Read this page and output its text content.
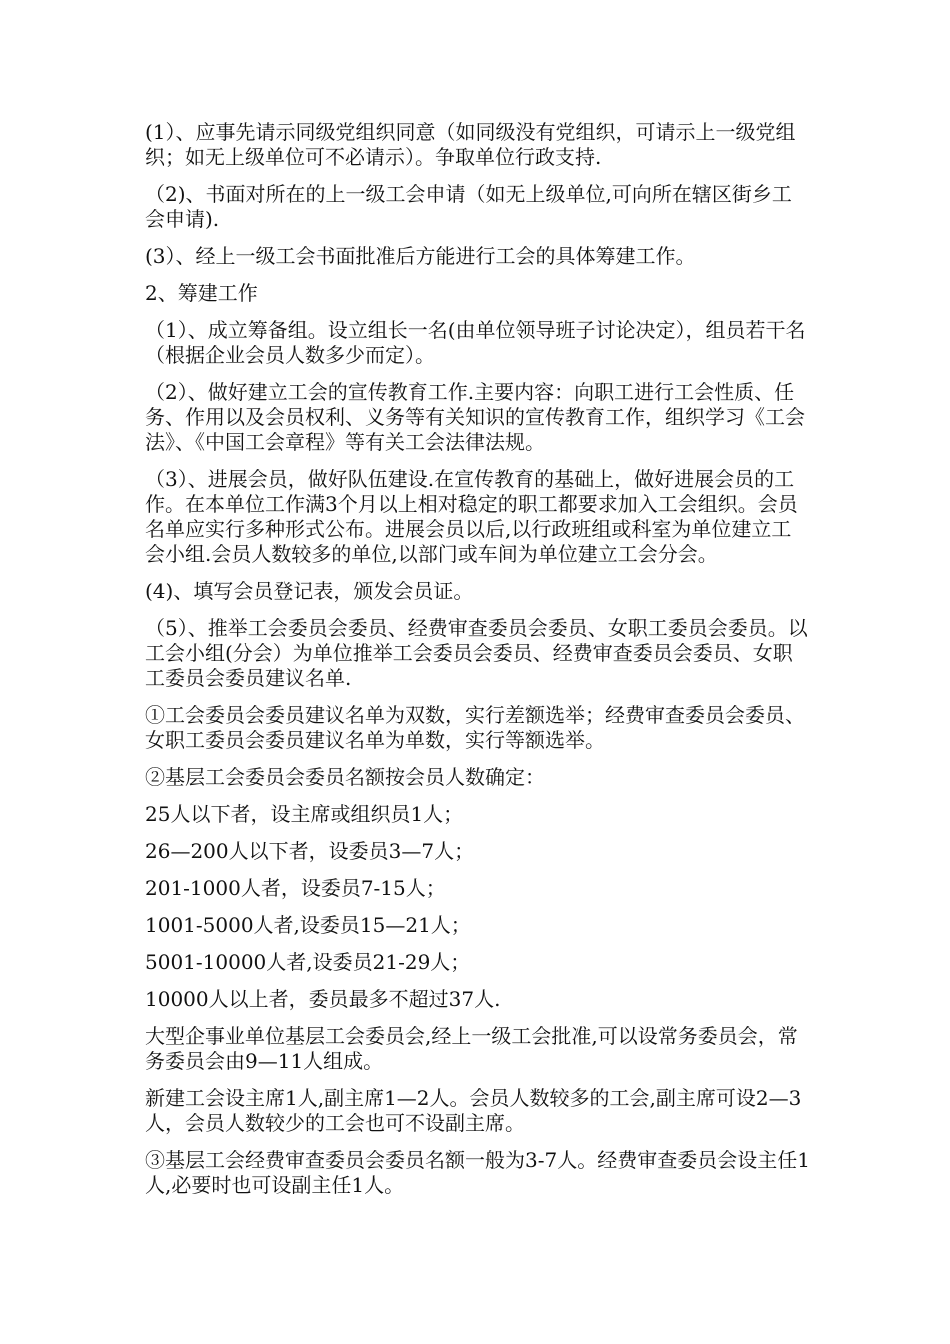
(1）、应事先请示同级党组织同意（如同级没有党组织，可请示上一级党组织；如无上级单位可不必请示）。争取单位行政支持.

（2)、书面对所在的上一级工会申请（如无上级单位,可向所在辖区街乡工会申请).

(3）、经上一级工会书面批准后方能进行工会的具体筹建工作。

2、筹建工作

（1）、成立筹备组。设立组长一名(由单位领导班子讨论决定），组员若干名（根据企业会员人数多少而定）。

（2）、做好建立工会的宣传教育工作.主要内容：向职工进行工会性质、任务、作用以及会员权利、义务等有关知识的宣传教育工作，组织学习《工会法》、《中国工会章程》等有关工会法律法规。

（3）、进展会员，做好队伍建设.在宣传教育的基础上，做好进展会员的工作。在本单位工作满3个月以上相对稳定的职工都要求加入工会组织。会员名单应实行多种形式公布。进展会员以后,以行政班组或科室为单位建立工会小组.会员人数较多的单位,以部门或车间为单位建立工会分会。

(4)、填写会员登记表，颁发会员证。

（5）、推举工会委员会委员、经费审查委员会委员、女职工委员会委员。以工会小组(分会）为单位推举工会委员会委员、经费审查委员会委员、女职工委员会委员建议名单.

①工会委员会委员建议名单为双数，实行差额选举；经费审查委员会委员、女职工委员会委员建议名单为单数，实行等额选举。

②基层工会委员会委员名额按会员人数确定：

25人以下者，设主席或组织员1人；

26—200人以下者，设委员3—7人；

201-1000人者，设委员7-15人；

1001-5000人者,设委员15—21人；

5001-10000人者,设委员21-29人；

10000人以上者，委员最多不超过37人.

大型企事业单位基层工会委员会,经上一级工会批准,可以设常务委员会，常务委员会由9—11人组成。

新建工会设主席1人,副主席1—2人。会员人数较多的工会,副主席可设2—3人，会员人数较少的工会也可不设副主席。

③基层工会经费审查委员会委员名额一般为3-7人。经费审查委员会设主任1人,必要时也可设副主任1人。
